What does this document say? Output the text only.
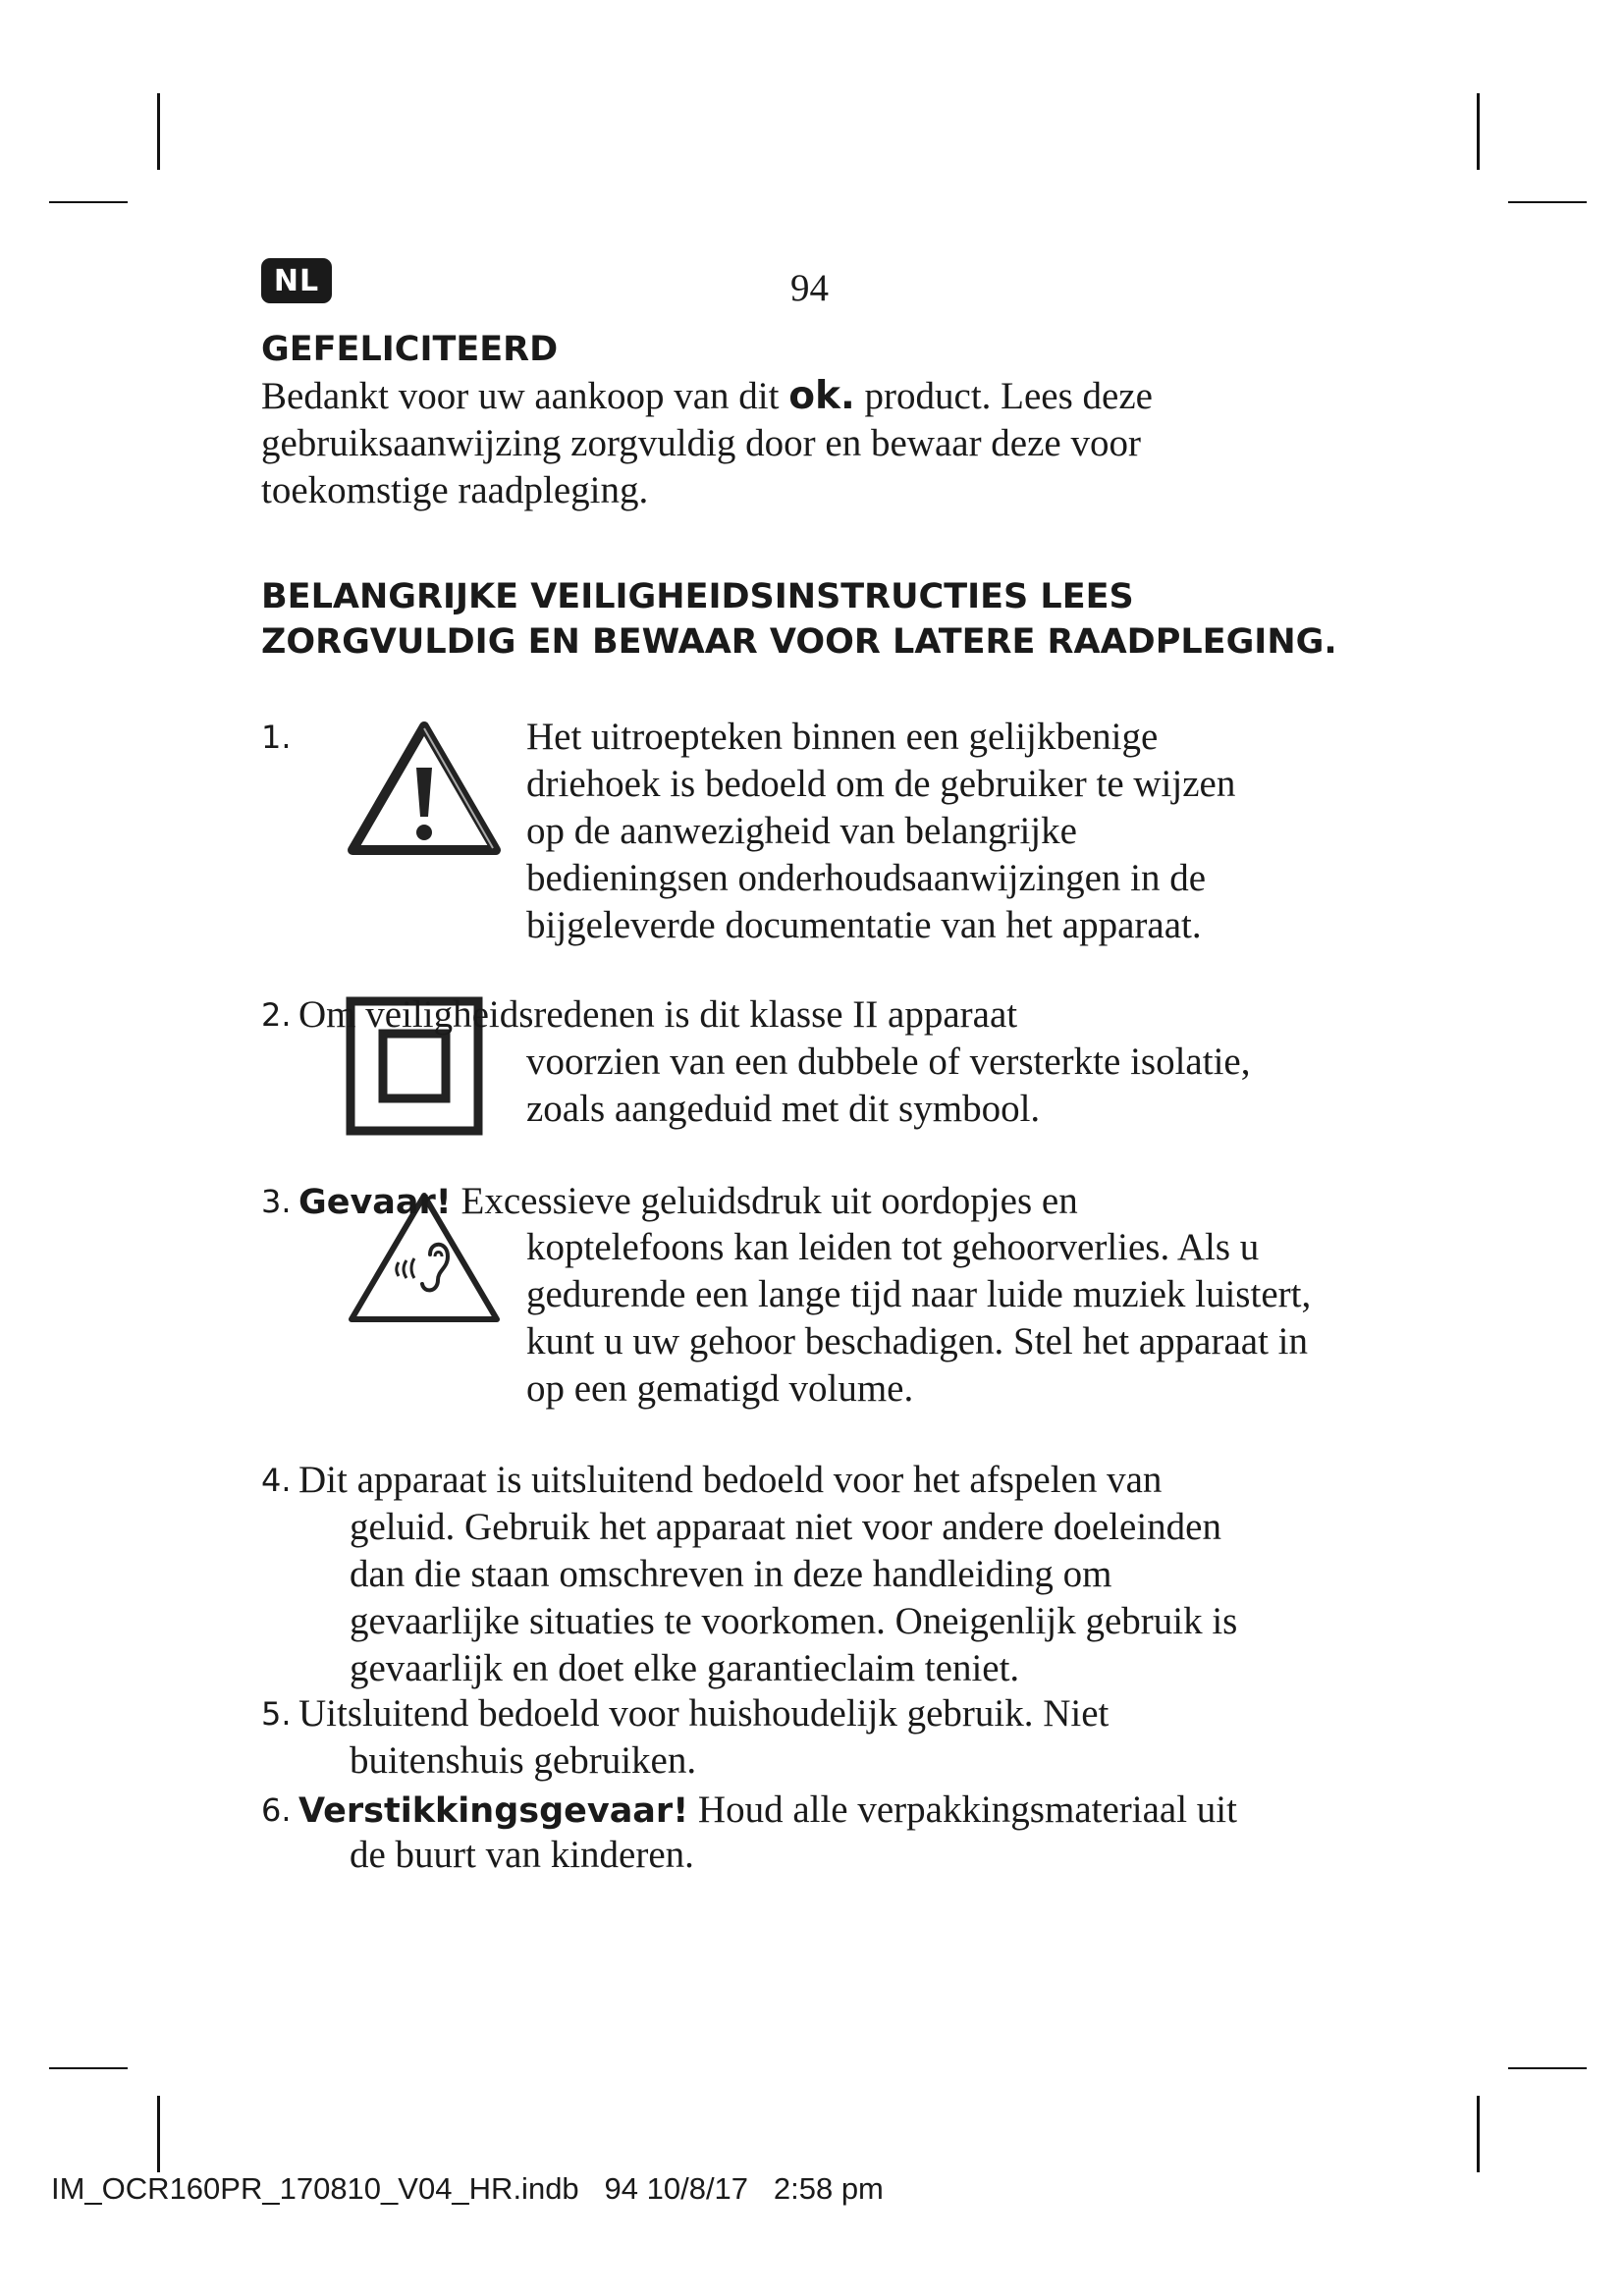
NL	94
GEFELICITEERD
Bedankt voor uw aankoop van dit ok. product. Lees deze
gebruiksaanwijzing zorgvuldig door en bewaar deze voor
toekomstige raadpleging.
BELANGRIJKE VEILIGHEIDSINSTRUCTIES LEES
ZORGVULDIG EN BEWAAR VOOR LATERE RAADPLEGING.
1.	Het uitroepteken binnen een gelijkbenige
driehoek is bedoeld om de gebruiker te wijzen
op de aanwezigheid van belangrijke
bedieningsen onderhoudsaanwijzingen in de
bijgeleverde documentatie van het apparaat.
2. Om veiligheidsredenen is dit klasse II apparaat
voorzien van een dubbele of versterkte isolatie,
zoals aangeduid met dit symbool.
3. Gevaar! Excessieve geluidsdruk uit oordopjes en
koptelefoons kan leiden tot gehoorverlies. Als u
gedurende een lange tijd naar luide muziek luistert,
kunt u uw gehoor beschadigen. Stel het apparaat in
op een gematigd volume.
4. Dit apparaat is uitsluitend bedoeld voor het afspelen van
geluid. Gebruik het apparaat niet voor andere doeleinden
dan die staan omschreven in deze handleiding om
gevaarlijke situaties te voorkomen. Oneigenlijk gebruik is
gevaarlijk en doet elke garantieclaim teniet.
5. Uitsluitend bedoeld voor huishoudelijk gebruik. Niet
buitenshuis gebruiken.
6. Verstikkingsgevaar! Houd alle verpakkingsmateriaal uit
de buurt van kinderen.
IM_OCR160PR_170810_V04_HR.indb   94 10/8/17   2:58 pm
